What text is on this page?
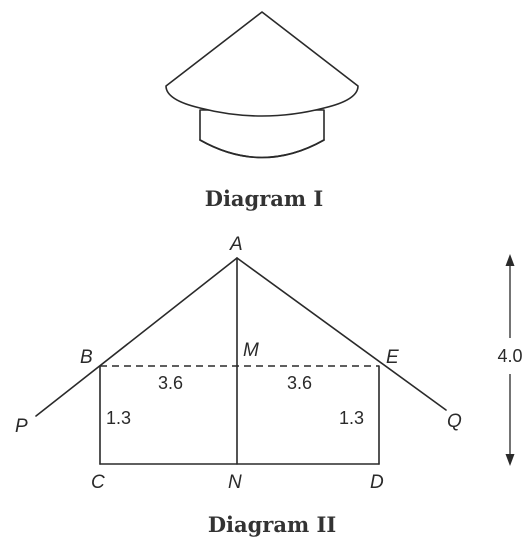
Diagram I
A
B	M	E
P	Q
C	N	D
3.6	3.6
1.3	1.3
4.0
Diagram II
